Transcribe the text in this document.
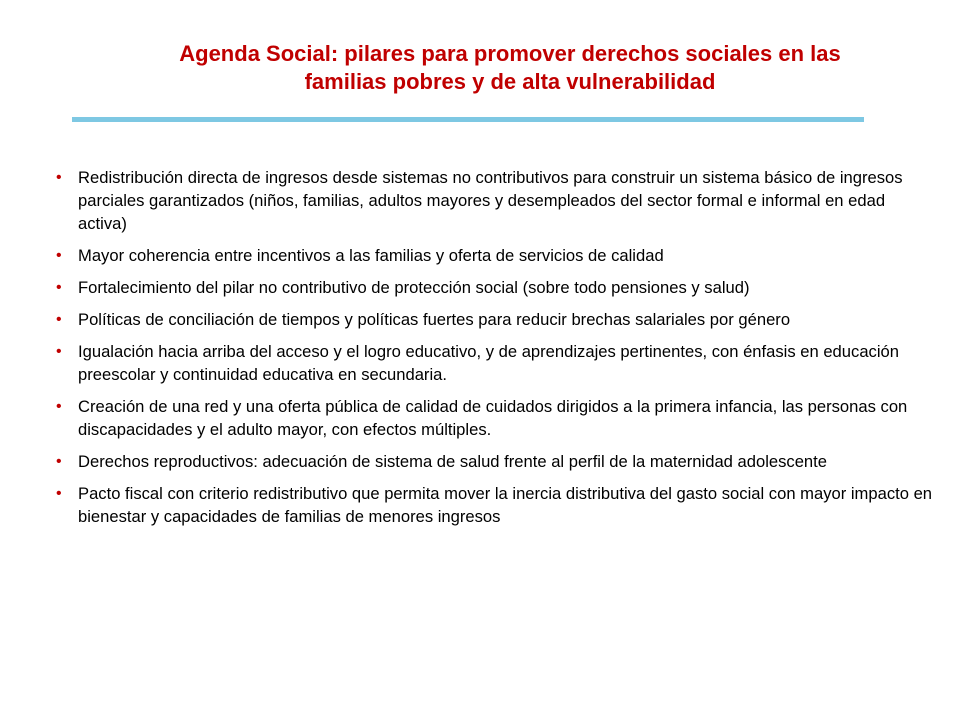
Agenda Social: pilares para promover derechos sociales en las
familias pobres y de alta vulnerabilidad
• Redistribución directa de ingresos desde sistemas no contributivos para construir un sistema básico de ingresos parciales garantizados (niños, familias, adultos mayores y desempleados del sector formal e informal en edad activa)
• Mayor coherencia entre incentivos a las familias y oferta de servicios de calidad
• Fortalecimiento del pilar no contributivo de protección social (sobre todo pensiones y salud)
• Políticas de conciliación de tiempos y políticas fuertes para reducir brechas salariales por género
• Igualación hacia arriba del acceso y el logro educativo, y de aprendizajes pertinentes, con énfasis en educación preescolar y continuidad educativa en secundaria.
• Creación de una red y una oferta pública de calidad de cuidados dirigidos a la primera infancia, las personas con discapacidades y el adulto mayor, con efectos múltiples.
• Derechos reproductivos: adecuación de sistema de salud frente al perfil de la maternidad adolescente
• Pacto fiscal con criterio redistributivo que permita mover la inercia distributiva del gasto social con mayor impacto en bienestar y capacidades de familias de menores ingresos
